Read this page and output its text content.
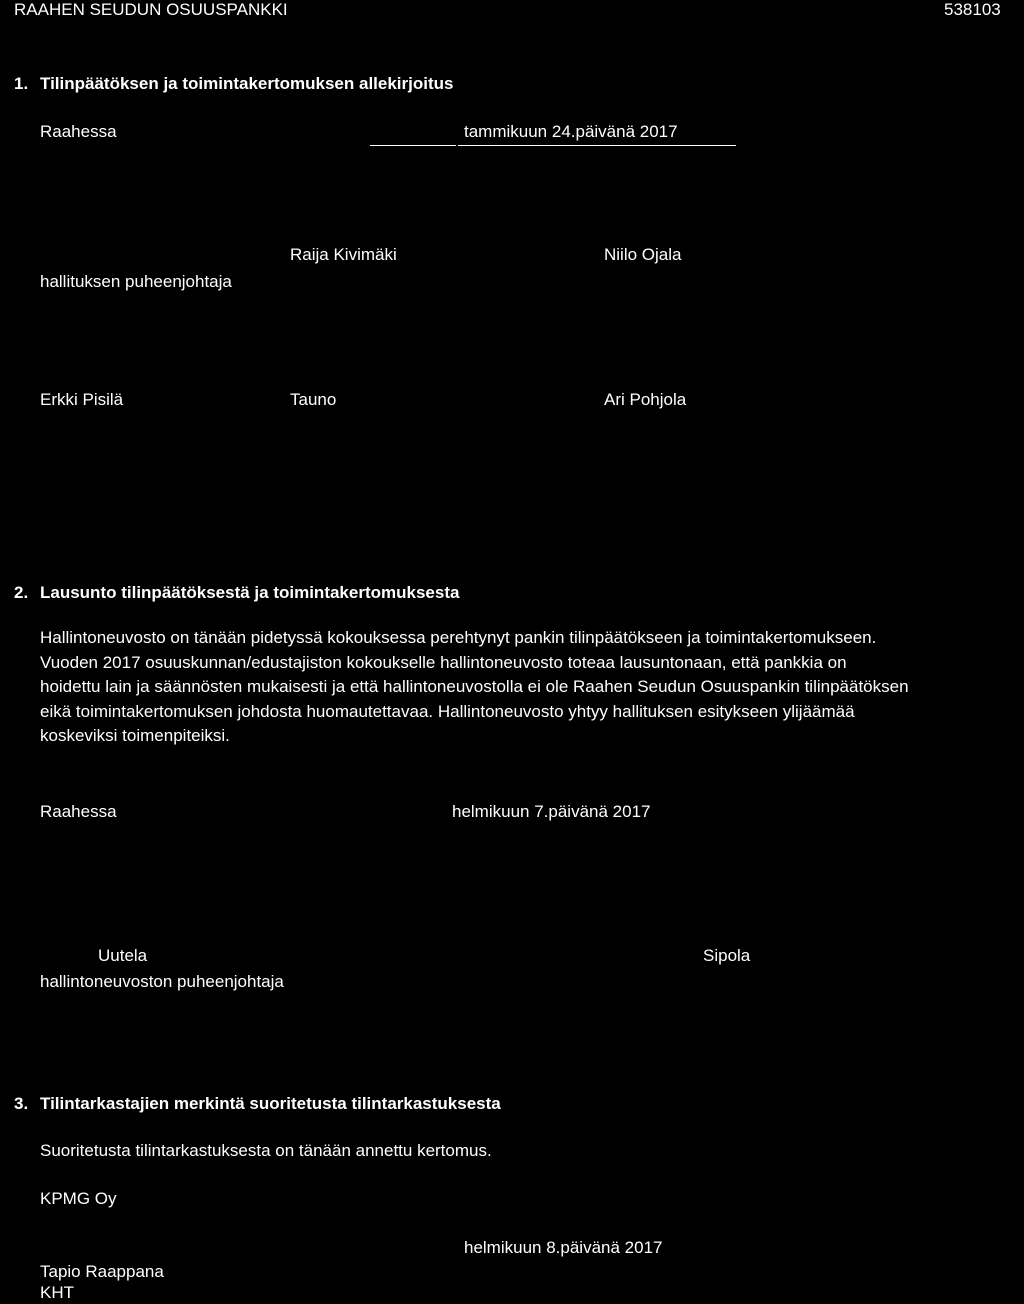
RAAHEN SEUDUN OSUUSPANKKI	538103
1. Tilinpäätöksen ja toimintakertomuksen allekirjoitus
Raahessa	tammikuun 24.päivänä 2017
Raija Kivimäki	Niilo Ojala
hallituksen puheenjohtaja
Erkki Pisilä	Tauno	Ari Pohjola
2. Lausunto tilinpäätöksestä ja toimintakertomuksesta
Hallintoneuvosto on tänään pidetyssä kokouksessa perehtynyt pankin tilinpäätökseen ja toimintakertomukseen.
Vuoden 2017 osuuskunnan/edustajiston kokoukselle hallintoneuvosto toteaa lausuntonaan, että pankkia on
hoidettu lain ja säännösten mukaisesti ja että hallintoneuvostolla ei ole Raahen Seudun Osuuspankin tilinpäätöksen
eikä toimintakertomuksen johdosta huomautettavaa. Hallintoneuvosto yhtyy hallituksen esitykseen ylijäämää
koskeviksi toimenpiteiksi.
Raahessa	helmikuun 7.päivänä 2017
Uutela	Sipola
hallintoneuvoston puheenjohtaja
3. Tilintarkastajien merkintä suoritetusta tilintarkastuksesta
Suoritetusta tilintarkastuksesta on tänään annettu kertomus.
KPMG Oy
helmikuun 8.päivänä 2017
Tapio Raappana
KHT
